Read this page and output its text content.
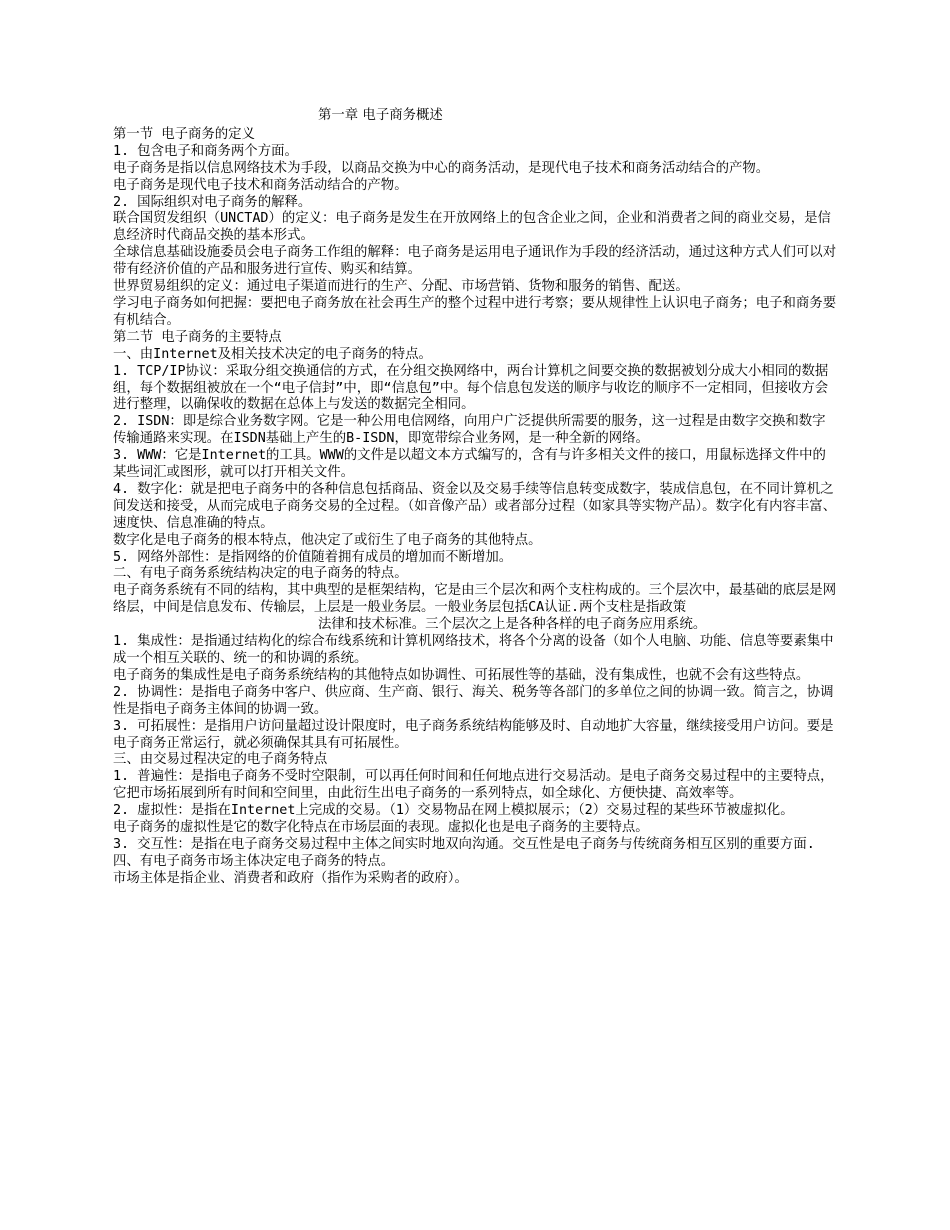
第一章 电子商务概述
第一节 电子商务的定义
1. 包含电子和商务两个方面。
电子商务是指以信息网络技术为手段，以商品交换为中心的商务活动，是现代电子技术和商务活动结合的产物。
电子商务是现代电子技术和商务活动结合的产物。
2. 国际组织对电子商务的解释。
联合国贸发组织（UNCTAD）的定义：电子商务是发生在开放网络上的包含企业之间，企业和消费者之间的商业交易，是信息经济时代商品交换的基本形式。
全球信息基础设施委员会电子商务工作组的解释：电子商务是运用电子通讯作为手段的经济活动，通过这种方式人们可以对带有经济价值的产品和服务进行宣传、购买和结算。
世界贸易组织的定义：通过电子渠道而进行的生产、分配、市场营销、货物和服务的销售、配送。
学习电子商务如何把握：要把电子商务放在社会再生产的整个过程中进行考察；要从规律性上认识电子商务；电子和商务要有机结合。
第二节 电子商务的主要特点
一、由Internet及相关技术决定的电子商务的特点。
1. TCP/IP协议：采取分组交换通信的方式，在分组交换网络中，两台计算机之间要交换的数据被划分成大小相同的数据组，每个数据组被放在一个“电子信封”中，即“信息包”中。每个信息包发送的顺序与收讫的顺序不一定相同，但接收方会进行整理，以确保收的数据在总体上与发送的数据完全相同。
2. ISDN：即是综合业务数字网。它是一种公用电信网络，向用户广泛提供所需要的服务，这一过程是由数字交换和数字传输通路来实现。在ISDN基础上产生的B-ISDN，即宽带综合业务网，是一种全新的网络。
3. WWW：它是Internet的工具。WWW的文件是以超文本方式编写的，含有与许多相关文件的接口，用鼠标选择文件中的某些词汇或图形，就可以打开相关文件。
4. 数字化：就是把电子商务中的各种信息包括商品、资金以及交易手续等信息转变成数字，装成信息包，在不同计算机之间发送和接受，从而完成电子商务交易的全过程。（如音像产品）或者部分过程（如家具等实物产品）。数字化有内容丰富、速度快、信息准确的特点。
数字化是电子商务的根本特点，他决定了或衍生了电子商务的其他特点。
5. 网络外部性：是指网络的价值随着拥有成员的增加而不断增加。
二、有电子商务系统结构决定的电子商务的特点。
电子商务系统有不同的结构，其中典型的是框架结构，它是由三个层次和两个支柱构成的。三个层次中，最基础的底层是网络层，中间是信息发布、传输层，上层是一般业务层。一般业务层包括CA认证.两个支柱是指政策
法律和技术标准。三个层次之上是各种各样的电子商务应用系统。
1. 集成性：是指通过结构化的综合布线系统和计算机网络技术，将各个分离的设备（如个人电脑、功能、信息等要素集中成一个相互关联的、统一的和协调的系统。
电子商务的集成性是电子商务系统结构的其他特点如协调性、可拓展性等的基础，没有集成性，也就不会有这些特点。
2. 协调性：是指电子商务中客户、供应商、生产商、银行、海关、税务等各部门的多单位之间的协调一致。简言之，协调性是指电子商务主体间的协调一致。
3. 可拓展性：是指用户访问量超过设计限度时，电子商务系统结构能够及时、自动地扩大容量，继续接受用户访问。要是电子商务正常运行，就必须确保其具有可拓展性。
三、由交易过程决定的电子商务特点
1. 普遍性：是指电子商务不受时空限制，可以再任何时间和任何地点进行交易活动。是电子商务交易过程中的主要特点，它把市场拓展到所有时间和空间里，由此衍生出电子商务的一系列特点，如全球化、方便快捷、高效率等。
2. 虚拟性：是指在Internet上完成的交易。（1）交易物品在网上模拟展示；（2）交易过程的某些环节被虚拟化。
电子商务的虚拟性是它的数字化特点在市场层面的表现。虚拟化也是电子商务的主要特点。
3. 交互性：是指在电子商务交易过程中主体之间实时地双向沟通。交互性是电子商务与传统商务相互区别的重要方面.
四、有电子商务市场主体决定电子商务的特点。
市场主体是指企业、消费者和政府（指作为采购者的政府）。
